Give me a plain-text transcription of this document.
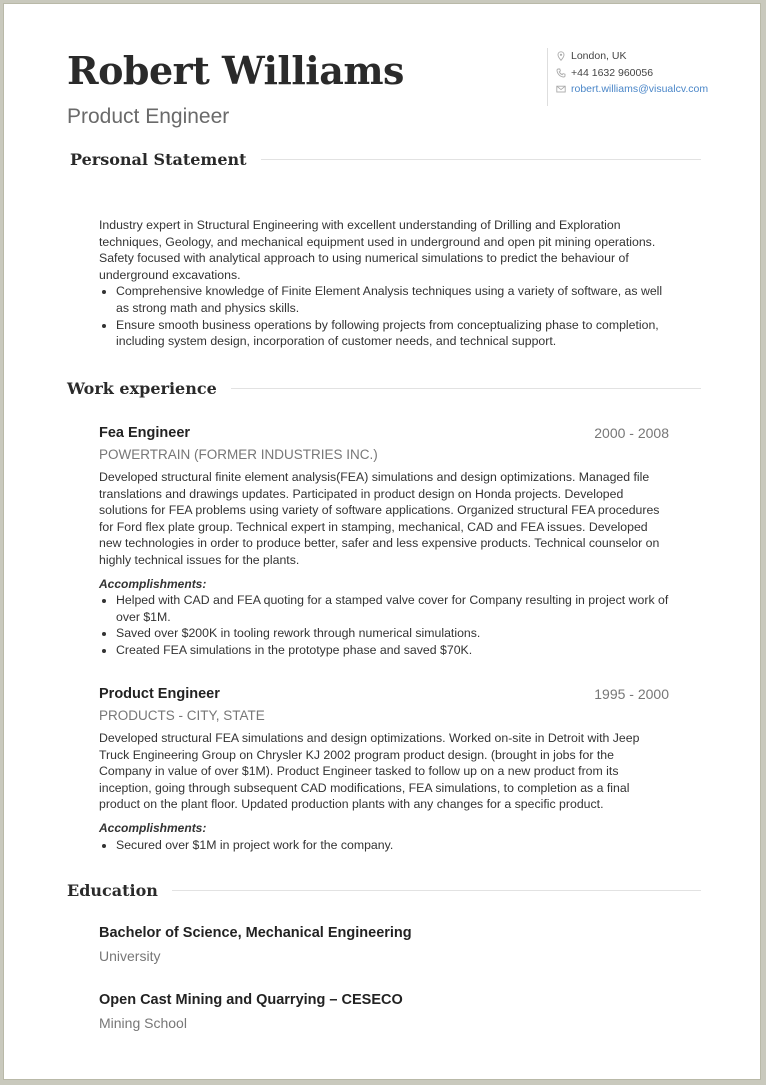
Robert Williams
Product Engineer
London, UK
+44 1632 960056
robert.williams@visualcv.com
Personal Statement

Industry expert in Structural Engineering with excellent understanding of Drilling and Exploration techniques, Geology, and mechanical equipment used in underground and open pit mining operations. Safety focused with analytical approach to using numerical simulations to predict the behaviour of underground excavations.

• Comprehensive knowledge of Finite Element Analysis techniques using a variety of software, as well as strong math and physics skills.
• Ensure smooth business operations by following projects from conceptualizing phase to completion, including system design, incorporation of customer needs, and technical support.
Work experience
Fea Engineer	2000 - 2008
POWERTRAIN (FORMER INDUSTRIES INC.)

Developed structural finite element analysis(FEA) simulations and design optimizations. Managed file translations and drawings updates. Participated in product design on Honda projects. Developed solutions for FEA problems using variety of software applications. Organized structural FEA procedures for Ford flex plate group. Technical expert in stamping, mechanical, CAD and FEA issues. Developed new technologies in order to produce better, safer and less expensive products. Technical counselor on highly technical issues for the plants.

Accomplishments:

• Helped with CAD and FEA quoting for a stamped valve cover for Company resulting in project work of over $1M.
• Saved over $200K in tooling rework through numerical simulations.
• Created FEA simulations in the prototype phase and saved $70K.
Product Engineer	1995 - 2000
PRODUCTS - CITY, STATE

Developed structural FEA simulations and design optimizations. Worked on-site in Detroit with Jeep Truck Engineering Group on Chrysler KJ 2002 program product design. (brought in jobs for the Company in value of over $1M). Product Engineer tasked to follow up on a new product from its inception, going through subsequent CAD modifications, FEA simulations, to completion as a final product on the plant floor. Updated production plants with any changes for a specific product.

Accomplishments:

• Secured over $1M in project work for the company.
Education
Bachelor of Science, Mechanical Engineering
University
Open Cast Mining and Quarrying – CESECO
Mining School
